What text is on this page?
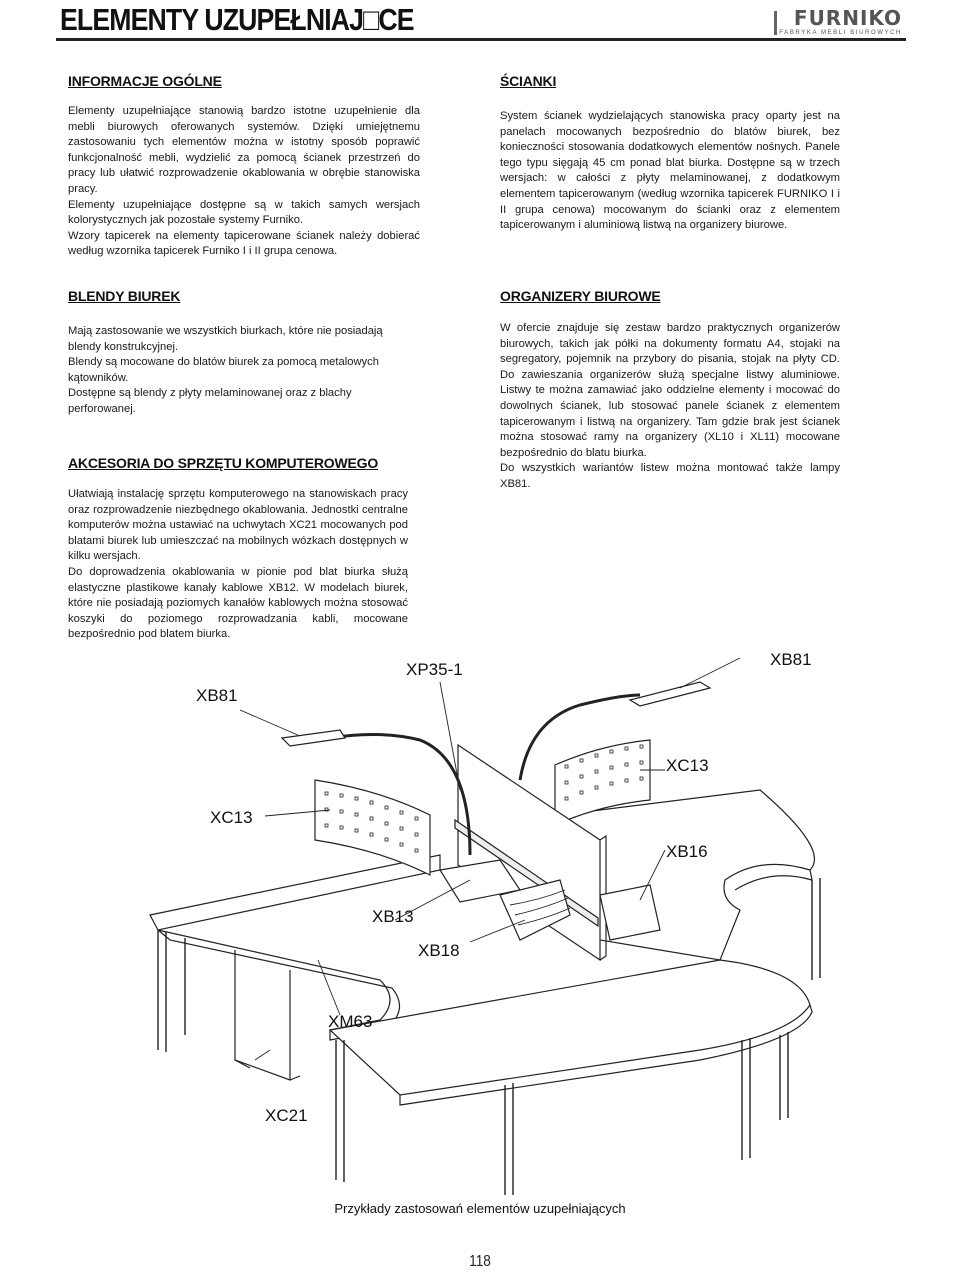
ELEMENTY UZUPEŁNIAJ□CE	FURNIKO
FABRYKA MEBLI BIUROWYCH
INFORMACJE OGÓLNE

Elementy uzupełniające stanowią bardzo istotne uzupełnienie dla mebli biurowych oferowanych systemów. Dzięki umiejętnemu zastosowaniu tych elementów można w istotny sposób poprawić funkcjonalność mebli, wydzielić za pomocą ścianek przestrzeń do pracy lub ułatwić rozprowadzenie okablowania w obrębie stanowiska pracy.

Elementy uzupełniające dostępne są w takich samych wersjach kolorystycznych jak pozostałe systemy Furniko.

Wzory tapicerek na elementy tapicerowane ścianek należy dobierać według wzornika tapicerek Furniko I i II grupa cenowa.

ŚCIANKI

System ścianek wydzielających stanowiska pracy oparty jest na panelach mocowanych bezpośrednio do blatów biurek, bez konieczności stosowania dodatkowych elementów nośnych. Panele tego typu sięgają 45 cm ponad blat biurka. Dostępne są w trzech wersjach: w całości z płyty melaminowanej, z dodatkowym elementem tapicerowanym (według wzornika tapicerek FURNIKO I i II grupa cenowa) mocowanym do ścianki oraz z elementem tapicerowanym i aluminiową listwą na organizery biurowe.

BLENDY BIUREK

Mają zastosowanie we wszystkich biurkach, które nie posiadają blendy konstrukcyjnej.

Blendy są mocowane do blatów biurek za pomocą metalowych kątowników.

Dostępne są blendy z płyty melaminowanej oraz z blachy perforowanej.

ORGANIZERY BIUROWE

W ofercie znajduje się zestaw bardzo praktycznych organizerów biurowych, takich jak półki na dokumenty formatu A4, stojaki na segregatory, pojemnik na przybory do pisania, stojak na płyty CD. Do zawieszania organizerów służą specjalne listwy aluminiowe. Listwy te można zamawiać jako oddzielne elementy i mocować do dowolnych ścianek, lub stosować panele ścianek z elementem tapicerowanym i listwą na organizery. Tam gdzie brak jest ścianek można stosować ramy na organizery (XL10 i XL11) mocowane bezpośrednio do blatu biurka.

Do wszystkich wariantów listew można montować także lampy XB81.

AKCESORIA DO SPRZĘTU KOMPUTEROWEGO

Ułatwiają instalację sprzętu komputerowego na stanowiskach pracy oraz rozprowadzenie niezbędnego okablowania. Jednostki centralne komputerów można ustawiać na uchwytach XC21 mocowanych pod blatami biurek lub umieszczać na mobilnych wózkach dostępnych w kilku wersjach.

Do doprowadzenia okablowania w pionie pod blat biurka służą elastyczne plastikowe kanały kablowe XB12. W modelach biurek, które nie posiadają poziomych kanałów kablowych można stosować koszyki do poziomego rozprowadzania kabli, mocowane bezpośrednio pod blatem biurka.

XB81
XP35-1
XB81
XC13
XC13
XB16
XB13
XB18
XM63
XC21
Przykłady zastosowań elementów uzupełniających
118
